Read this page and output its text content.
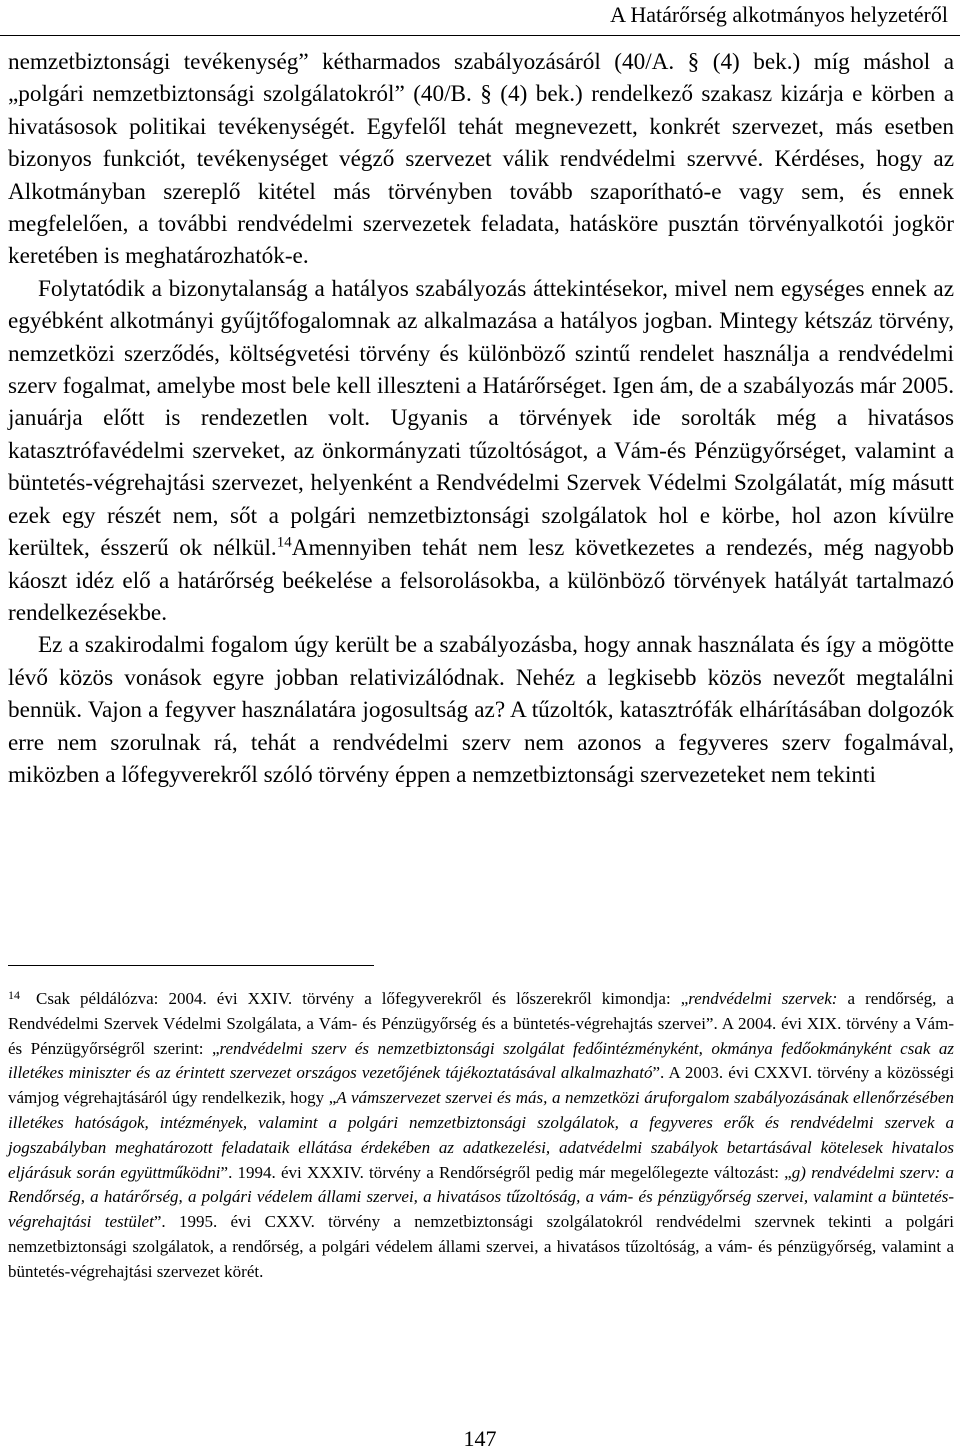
A Határőrség alkotmányos helyzetéről

nemzetbiztonsági tevékenység” kétharmados szabályozásáról (40/A. § (4) bek.) míg máshol a „polgári nemzetbiztonsági szolgálatokról” (40/B. § (4) bek.) rendelkező szakasz kizárja e körben a hivatásosok politikai tevékenységét. Egyfelől tehát megnevezett, konkrét szervezet, más esetben bizonyos funkciót, tevékenységet végző szervezet válik rendvédelmi szervvé. Kérdéses, hogy az Alkotmányban szereplő kitétel más törvényben tovább szaporítható-e vagy sem, és ennek megfelelően, a további rendvédelmi szervezetek feladata, hatásköre pusztán törvényalkotói jogkör keretében is meghatározhatók-e.

Folytatódik a bizonytalanság a hatályos szabályozás áttekintésekor, mivel nem egységes ennek az egyébként alkotmányi gyűjtőfogalomnak az alkalmazása a hatályos jogban. Mintegy kétszáz törvény, nemzetközi szerződés, költségvetési törvény és különböző szintű rendelet használja a rendvédelmi szerv fogalmat, amelybe most bele kell illeszteni a Határőrséget. Igen ám, de a szabályozás már 2005. januárja előtt is rendezetlen volt. Ugyanis a törvények ide sorolták még a hivatásos katasztrófavédelmi szerveket, az önkormányzati tűzoltóságot, a Vám-és Pénzügyőrséget, valamint a büntetés-végrehajtási szervezet, helyenként a Rendvédelmi Szervek Védelmi Szolgálatát, míg másutt ezek egy részét nem, sőt a polgári nemzetbiztonsági szolgálatok hol e körbe, hol azon kívülre kerültek, ésszerű ok nélkül.$^{14}$Amennyiben tehát nem lesz következetes a rendezés, még nagyobb káoszt idéz elő a határőrség beékelése a felsorolásokba, a különböző törvények hatályát tartalmazó rendelkezésekbe.

Ez a szakirodalmi fogalom úgy került be a szabályozásba, hogy annak használata és így a mögötte lévő közös vonások egyre jobban relativizálódnak. Nehéz a legkisebb közös nevezőt megtalálni bennük. Vajon a fegyver használatára jogosultság az? A tűzoltók, katasztrófák elhárításában dolgozók erre nem szorulnak rá, tehát a rendvédelmi szerv nem azonos a fegyveres szerv fogalmával, miközben a lőfegyverekről szóló törvény éppen a nemzetbiztonsági szervezeteket nem tekinti

14 Csak példálózva: 2004. évi XXIV. törvény a lőfegyverekről és lőszerekről kimondja: „rendvédelmi szervek: a rendőrség, a Rendvédelmi Szervek Védelmi Szolgálata, a Vám- és Pénzügyőrség és a büntetés-végrehajtás szervei”. A 2004. évi XIX. törvény a Vám- és Pénzügyőrségről szerint: „rendvédelmi szerv és nemzetbiztonsági szolgálat fedőintézményként, okmánya fedőokmányként csak az illetékes miniszter és az érintett szervezet országos vezetőjének tájékoztatásával alkalmazható”. A 2003. évi CXXVI. törvény a közösségi vámjog végrehajtásáról úgy rendelkezik, hogy „A vámszervezet szervei és más, a nemzetközi áruforgalom szabályozásának ellenőrzésében illetékes hatóságok, intézmények, valamint a polgári nemzetbiztonsági szolgálatok, a fegyveres erők és rendvédelmi szervek a jogszabályban meghatározott feladataik ellátása érdekében az adatkezelési, adatvédelmi szabályok betartásával kötelesek hivatalos eljárásuk során együttműködni”. 1994. évi XXXIV. törvény a Rendőrségről pedig már megelőlegezte változást: „g) rendvédelmi szerv: a Rendőrség, a határőrség, a polgári védelem állami szervei, a hivatásos tűzoltóság, a vám- és pénzügyőrség szervei, valamint a büntetés-végrehajtási testület”. 1995. évi CXXV. törvény a nemzetbiztonsági szolgálatokról rendvédelmi szervnek tekinti a polgári nemzetbiztonsági szolgálatok, a rendőrség, a polgári védelem állami szervei, a hivatásos tűzoltóság, a vám- és pénzügyőrség, valamint a büntetés-végrehajtási szervezet körét.

147
